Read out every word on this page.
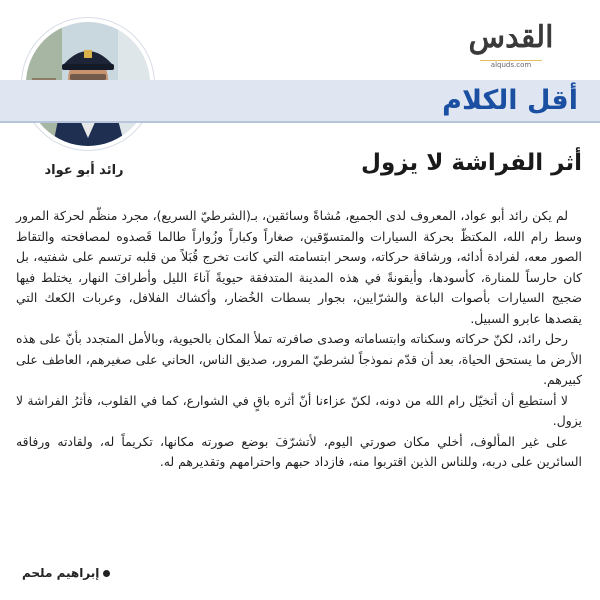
رائد أبو عواد
القدس
alquds.com
أقل الكلام
أثر الفراشة لا يزول

لم يكن رائد أبو عواد، المعروف لدى الجميع، مُشاةً وسائقين، بـ(الشرطيّ السريع)، مجرد منظّم لحركة المرور وسط رام الله، المكتظّ بحركة السيارات والمتسوّقين، صغاراً وكباراً وزُواراً طالما قَصدوه لمصافحته والتقاط الصور معه، لفرادة أدائه، ورشاقة حركاته، وسحر ابتسامته التي كانت تخرج قُبَلاً من قلبه ترتسم على شفتيه، بل كان حارساً للمنارة، كأسودها، وأيقونةً في هذه المدينة المتدفقة حيويةً آناءَ الليل وأطرافَ النهار، يختلط فيها ضجيج السيارات بأصوات الباعة والشرّايين، بجوار بسطات الخُضار، وأكشاك الفلافل، وعربات الكعك التي يقصدها عابرو السبيل.

رحل رائد، لكنّ حركاته وسكناته وابتساماته وصدى صافرته تملأ المكان بالحيوية، وبالأمل المتجدد بأنّ على هذه الأرض ما يستحق الحياة، بعد أن قدّم نموذجاً لشرطيّ المرور، صديق الناس، الحاني على صغيرهم، العاطف على كبيرهم.

لا أستطيع أن أتخيّل رام الله من دونه، لكنّ عزاءنا أنّ أثره باقٍ في الشوارع، كما في القلوب، فأثرُ الفراشة لا يزول.

على غير المألوف، أخلي مكان صورتي اليوم، لأتشرّفَ بوضع صورته مكانها، تكريماً له، ولقادته ورفاقه السائرين على دربه، وللناس الذين اقتربوا منه، فازداد حبهم واحترامهم وتقديرهم له.

إبراهيم ملحم
